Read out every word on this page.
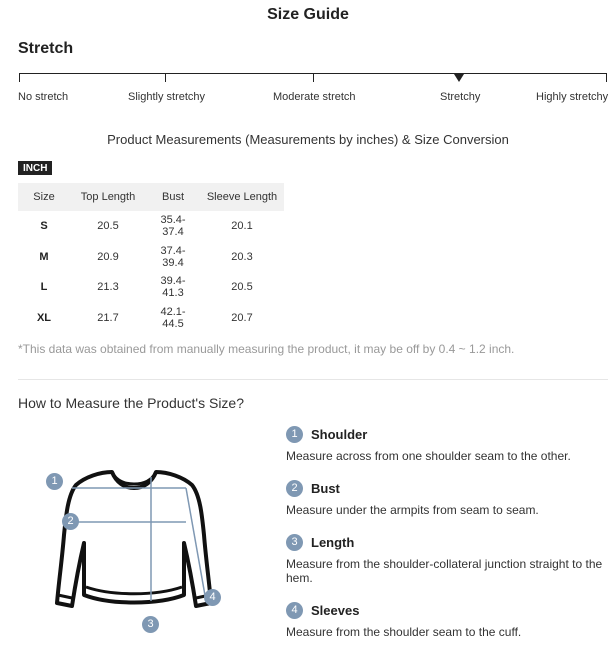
Size Guide
Stretch
No stretch	Slightly stretchy	Moderate stretch	Stretchy	Highly stretchy
Product Measurements (Measurements by inches) & Size Conversion
INCH
Size	Top Length	Bust	Sleeve Length
S	20.5	35.4-37.4	20.1
M	20.9	37.4-39.4	20.3
L	21.3	39.4-41.3	20.5
XL	21.7	42.1-44.5	20.7
*This data was obtained from manually measuring the product, it may be off by 0.4 ~ 1.2 inch.
How to Measure the Product's Size?
1
2
3
4
1	Shoulder
Measure across from one shoulder seam to the other.
2	Bust
Measure under the armpits from seam to seam.
3	Length
Measure from the shoulder-collateral junction straight to the hem.
4	Sleeves
Measure from the shoulder seam to the cuff.
